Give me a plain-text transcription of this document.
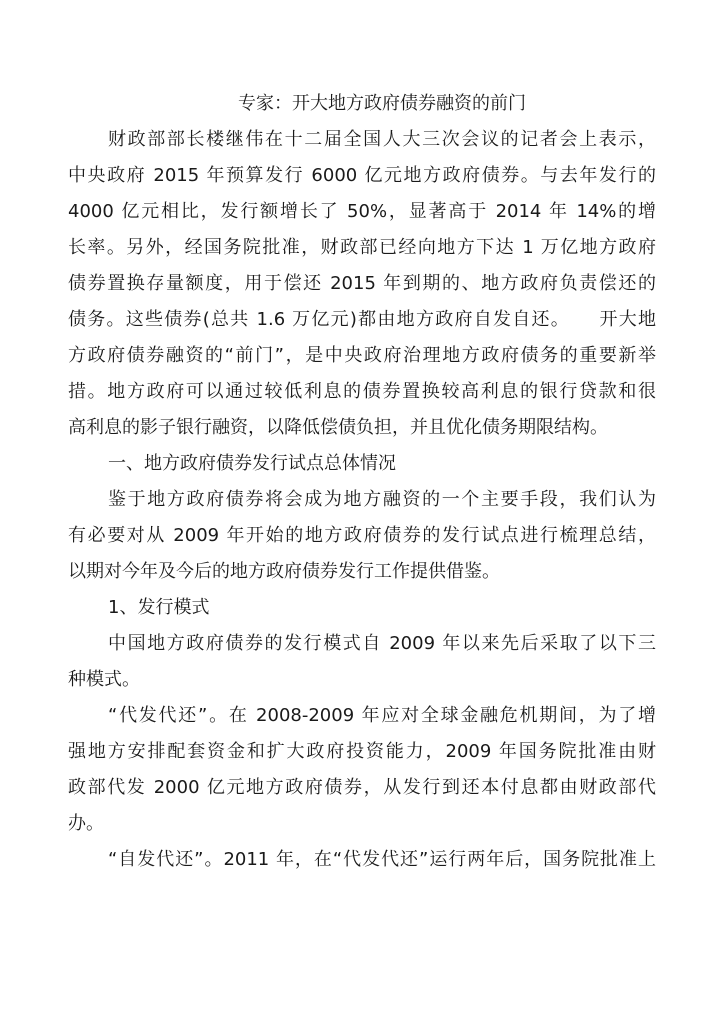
专家：开大地方政府债券融资的前门
财政部部长楼继伟在十二届全国人大三次会议的记者会上表示，
中央政府 2015 年预算发行 6000 亿元地方政府债券。与去年发行的
4000 亿元相比，发行额增长了 50%，显著高于 2014 年 14%的增
长率。另外，经国务院批准，财政部已经向地方下达 1 万亿地方政府
债券置换存量额度，用于偿还 2015 年到期的、地方政府负责偿还的
债务。这些债券(总共 1.6 万亿元)都由地方政府自发自还。　　开大地
方政府债券融资的“前门”，是中央政府治理地方政府债务的重要新举
措。地方政府可以通过较低利息的债券置换较高利息的银行贷款和很
高利息的影子银行融资，以降低偿债负担，并且优化债务期限结构。
一、地方政府债券发行试点总体情况
鉴于地方政府债券将会成为地方融资的一个主要手段，我们认为
有必要对从 2009 年开始的地方政府债券的发行试点进行梳理总结，
以期对今年及今后的地方政府债券发行工作提供借鉴。
1、发行模式
中国地方政府债券的发行模式自 2009 年以来先后采取了以下三
种模式。
“代发代还”。在 2008-2009 年应对全球金融危机期间，为了增
强地方安排配套资金和扩大政府投资能力，2009 年国务院批准由财
政部代发 2000 亿元地方政府债券，从发行到还本付息都由财政部代
办。
“自发代还”。2011 年，在“代发代还”运行两年后，国务院批准上
